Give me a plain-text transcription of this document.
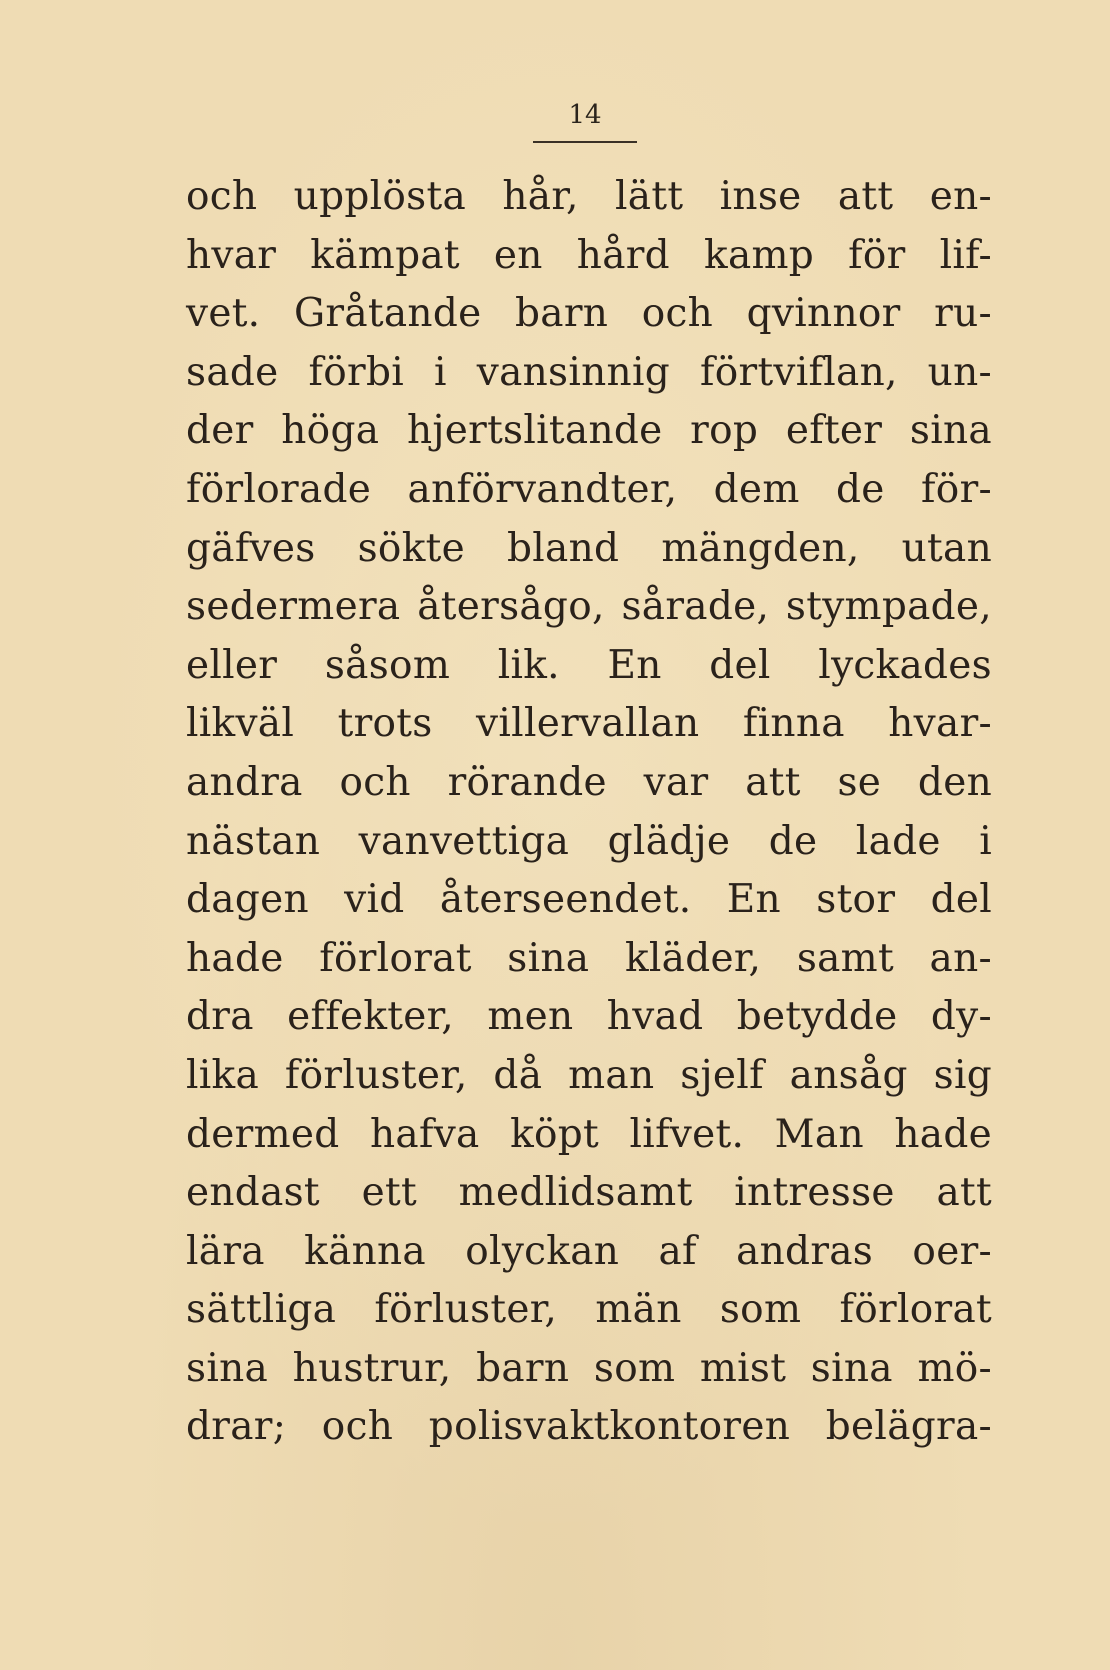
14
och upplösta hår, lätt inse att en-
hvar kämpat en hård kamp för lif-
vet. Gråtande barn och qvinnor ru-
sade förbi i vansinnig förtviflan, un-
der höga hjertslitande rop efter sina
förlorade anförvandter, dem de för-
gäfves sökte bland mängden, utan
sedermera återsågo, sårade, stympade,
eller såsom lik. En del lyckades
likväl trots villervallan finna hvar-
andra och rörande var att se den
nästan vanvettiga glädje de lade i
dagen vid återseendet. En stor del
hade förlorat sina kläder, samt an-
dra effekter, men hvad betydde dy-
lika förluster, då man sjelf ansåg sig
dermed hafva köpt lifvet. Man hade
endast ett medlidsamt intresse att
lära känna olyckan af andras oer-
sättliga förluster, män som förlorat
sina hustrur, barn som mist sina mö-
drar; och polisvaktkontoren belägra-
